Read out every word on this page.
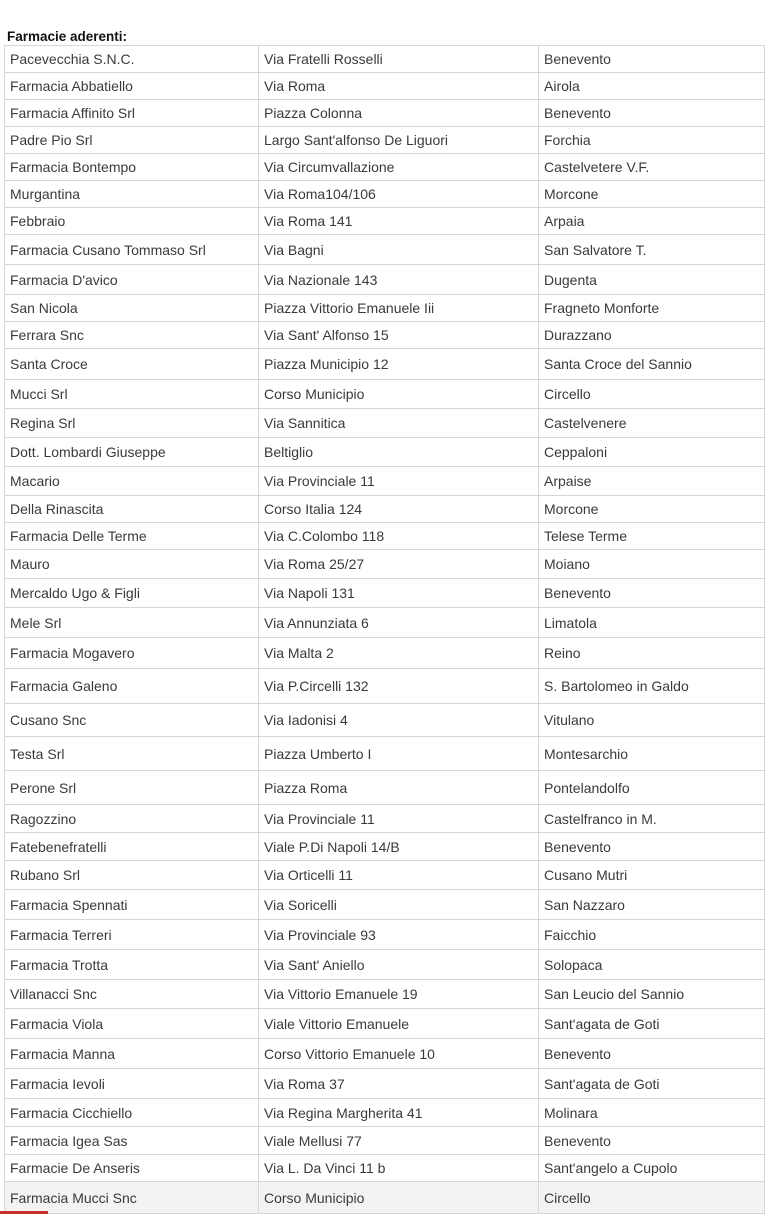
Farmacie aderenti:
Pacevecchia S.N.C.	Via Fratelli Rosselli	Benevento
Farmacia Abbatiello	Via Roma	Airola
Farmacia Affinito Srl	Piazza Colonna	Benevento
Padre Pio Srl	Largo Sant'alfonso De Liguori	Forchia
Farmacia Bontempo	Via Circumvallazione	Castelvetere V.F.
Murgantina	Via Roma104/106	Morcone
Febbraio	Via Roma 141	Arpaia
Farmacia Cusano Tommaso Srl	Via Bagni	San Salvatore T.
Farmacia D'avico	Via Nazionale 143	Dugenta
San Nicola	Piazza Vittorio Emanuele Iii	Fragneto Monforte
Ferrara Snc	Via Sant' Alfonso 15	Durazzano
Santa Croce	Piazza Municipio 12	Santa Croce del Sannio
Mucci Srl	Corso Municipio	Circello
Regina Srl	Via Sannitica	Castelvenere
Dott. Lombardi Giuseppe	Beltiglio	Ceppaloni
Macario	Via Provinciale 11	Arpaise
Della Rinascita	Corso Italia 124	Morcone
Farmacia Delle Terme	Via C.Colombo 118	Telese Terme
Mauro	Via Roma 25/27	Moiano
Mercaldo Ugo & Figli	Via Napoli 131	Benevento
Mele Srl	Via Annunziata 6	Limatola
Farmacia Mogavero	Via Malta 2	Reino
Farmacia Galeno	Via P.Circelli 132	S. Bartolomeo in Galdo
Cusano Snc	Via Iadonisi 4	Vitulano
Testa Srl	Piazza Umberto I	Montesarchio
Perone Srl	Piazza Roma	Pontelandolfo
Ragozzino	Via Provinciale 11	Castelfranco in M.
Fatebenefratelli	Viale P.Di Napoli 14/B	Benevento
Rubano Srl	Via Orticelli 11	Cusano Mutri
Farmacia Spennati	Via Soricelli	San Nazzaro
Farmacia Terreri	Via Provinciale 93	Faicchio
Farmacia Trotta	Via Sant' Aniello	Solopaca
Villanacci Snc	Via Vittorio Emanuele 19	San Leucio del Sannio
Farmacia Viola	Viale Vittorio Emanuele	Sant'agata de Goti
Farmacia Manna	Corso Vittorio Emanuele 10	Benevento
Farmacia Ievoli	Via Roma 37	Sant'agata de Goti
Farmacia Cicchiello	Via Regina Margherita 41	Molinara
Farmacia Igea Sas	Viale Mellusi 77	Benevento
Farmacie De Anseris	Via L. Da Vinci 11 b	Sant'angelo a Cupolo
Farmacia Mucci Snc	Corso Municipio	Circello
